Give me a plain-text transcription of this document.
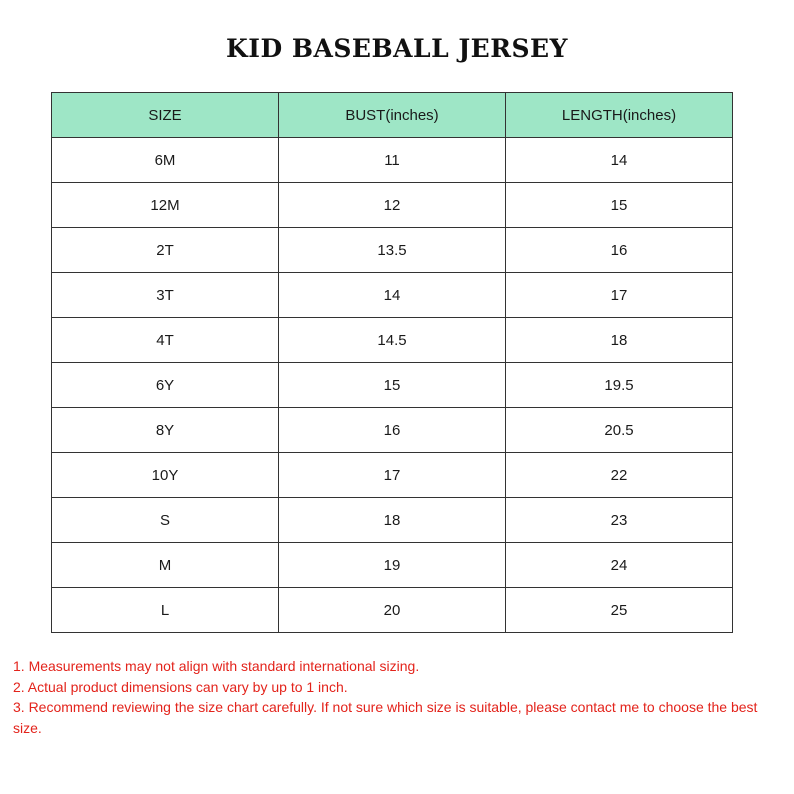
KID BASEBALL JERSEY
SIZE	BUST(inches)	LENGTH(inches)
6M	11	14
12M	12	15
2T	13.5	16
3T	14	17
4T	14.5	18
6Y	15	19.5
8Y	16	20.5
10Y	17	22
S	18	23
M	19	24
L	20	25

1. Measurements may not align with standard international sizing.

2. Actual product dimensions can vary by up to 1 inch.

3. Recommend reviewing the size chart carefully. If not sure which size is suitable, please contact me to choose the best size.
